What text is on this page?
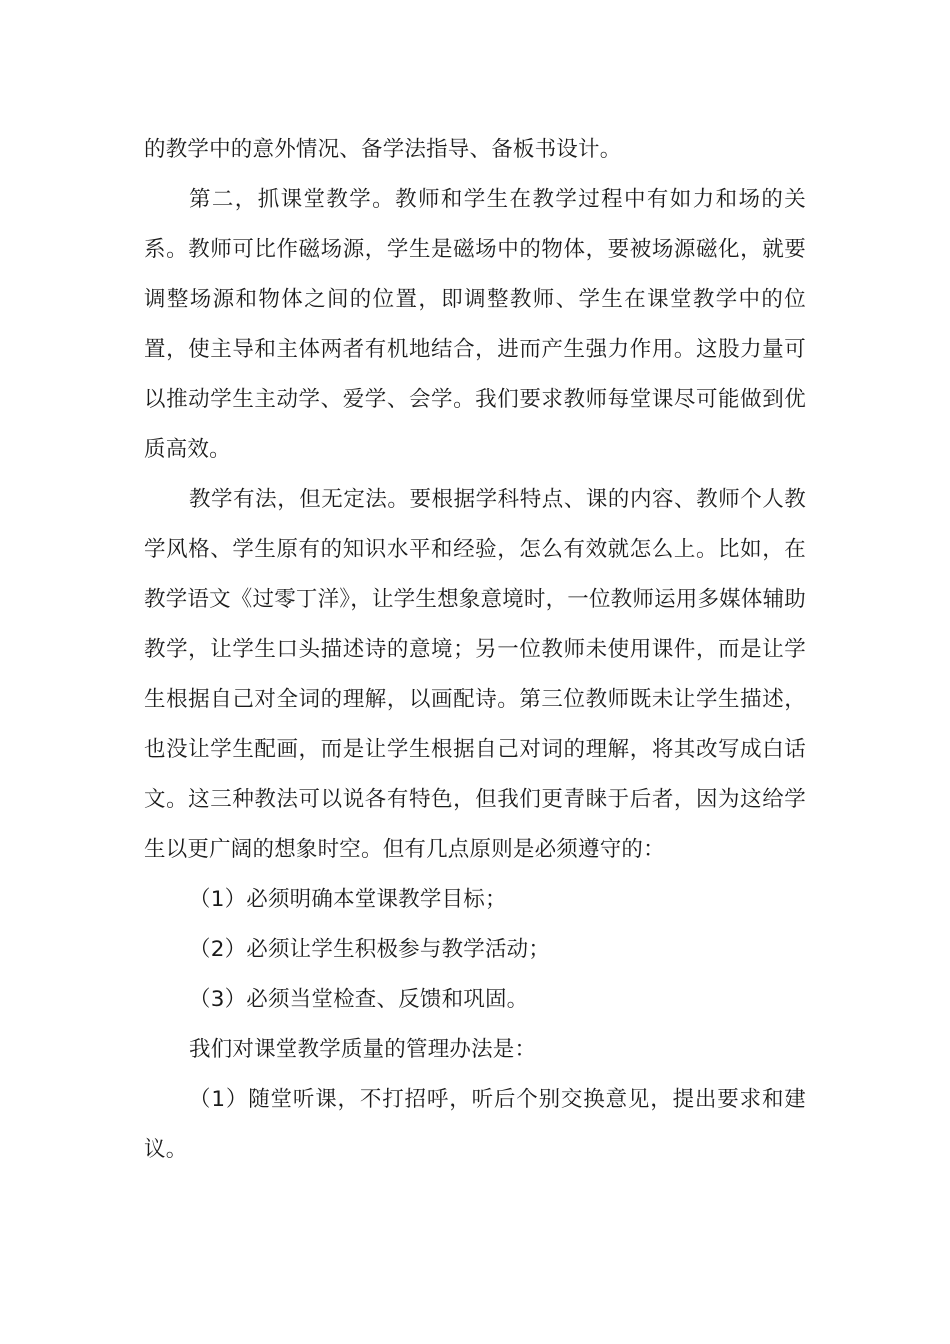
的教学中的意外情况、备学法指导、备板书设计。

第二，抓课堂教学。教师和学生在教学过程中有如力和场的关系。教师可比作磁场源，学生是磁场中的物体，要被场源磁化，就要调整场源和物体之间的位置，即调整教师、学生在课堂教学中的位置，使主导和主体两者有机地结合，进而产生强力作用。这股力量可以推动学生主动学、爱学、会学。我们要求教师每堂课尽可能做到优质高效。

教学有法，但无定法。要根据学科特点、课的内容、教师个人教学风格、学生原有的知识水平和经验，怎么有效就怎么上。比如，在教学语文《过零丁洋》，让学生想象意境时，一位教师运用多媒体辅助教学，让学生口头描述诗的意境；另一位教师未使用课件，而是让学生根据自己对全词的理解，以画配诗。第三位教师既未让学生描述，也没让学生配画，而是让学生根据自己对词的理解，将其改写成白话文。这三种教法可以说各有特色，但我们更青睐于后者，因为这给学生以更广阔的想象时空。但有几点原则是必须遵守的：

（1）必须明确本堂课教学目标；

（2）必须让学生积极参与教学活动；

（3）必须当堂检查、反馈和巩固。

我们对课堂教学质量的管理办法是：

（1）随堂听课，不打招呼，听后个别交换意见，提出要求和建议。
